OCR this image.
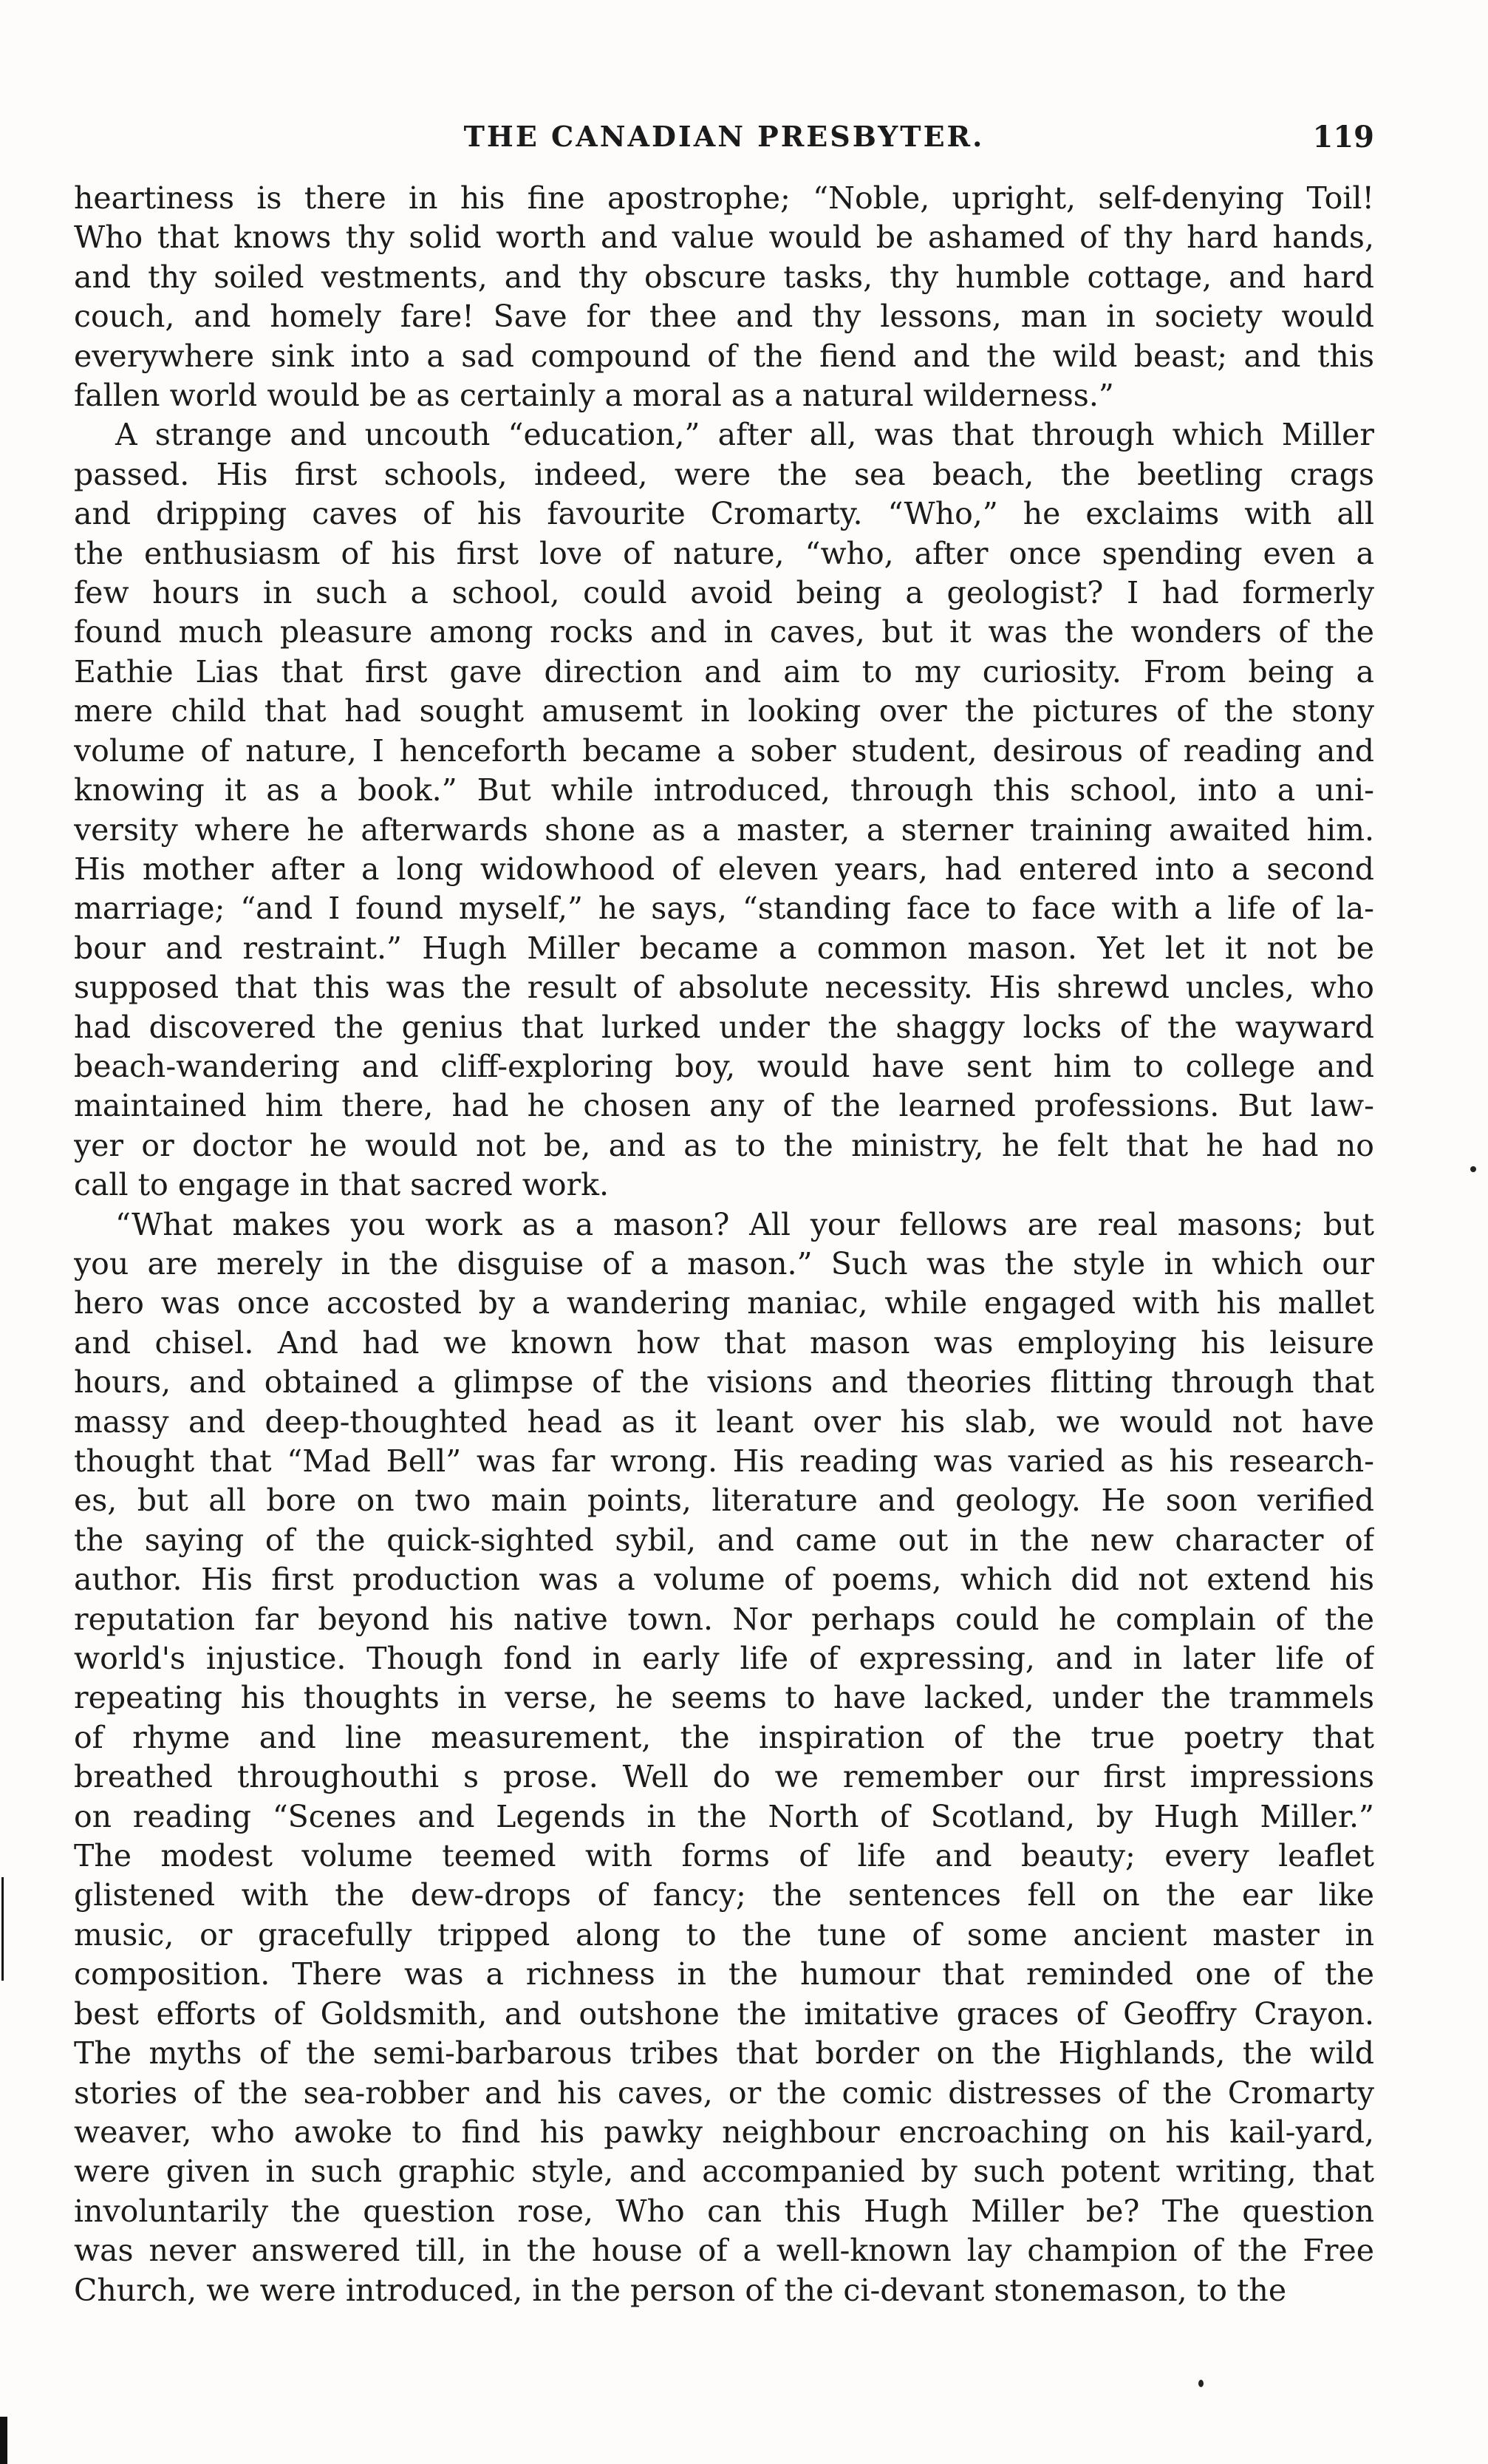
THE CANADIAN PRESBYTER.	119
heartiness is there in his fine apostrophe; “Noble, upright, self-denying Toil!
Who that knows thy solid worth and value would be ashamed of thy hard hands,
and thy soiled vestments, and thy obscure tasks, thy humble cottage, and hard
couch, and homely fare! Save for thee and thy lessons, man in society would
everywhere sink into a sad compound of the fiend and the wild beast; and this
fallen world would be as certainly a moral as a natural wilderness.”
A strange and uncouth “education,” after all, was that through which Miller
passed. His first schools, indeed, were the sea beach, the beetling crags
and dripping caves of his favourite Cromarty. “Who,” he exclaims with all
the enthusiasm of his first love of nature, “who, after once spending even a
few hours in such a school, could avoid being a geologist? I had formerly
found much pleasure among rocks and in caves, but it was the wonders of the
Eathie Lias that first gave direction and aim to my curiosity. From being a
mere child that had sought amusemt in looking over the pictures of the stony
volume of nature, I henceforth became a sober student, desirous of reading and
knowing it as a book.” But while introduced, through this school, into a uni-
versity where he afterwards shone as a master, a sterner training awaited him.
His mother after a long widowhood of eleven years, had entered into a second
marriage; “and I found myself,” he says, “standing face to face with a life of la-
bour and restraint.” Hugh Miller became a common mason. Yet let it not be
supposed that this was the result of absolute necessity. His shrewd uncles, who
had discovered the genius that lurked under the shaggy locks of the wayward
beach-wandering and cliff-exploring boy, would have sent him to college and
maintained him there, had he chosen any of the learned professions. But law-
yer or doctor he would not be, and as to the ministry, he felt that he had no
call to engage in that sacred work.
“What makes you work as a mason? All your fellows are real masons; but
you are merely in the disguise of a mason.” Such was the style in which our
hero was once accosted by a wandering maniac, while engaged with his mallet
and chisel. And had we known how that mason was employing his leisure
hours, and obtained a glimpse of the visions and theories flitting through that
massy and deep-thoughted head as it leant over his slab, we would not have
thought that “Mad Bell” was far wrong. His reading was varied as his research-
es, but all bore on two main points, literature and geology. He soon verified
the saying of the quick-sighted sybil, and came out in the new character of
author. His first production was a volume of poems, which did not extend his
reputation far beyond his native town. Nor perhaps could he complain of the
world's injustice. Though fond in early life of expressing, and in later life of
repeating his thoughts in verse, he seems to have lacked, under the trammels
of rhyme and line measurement, the inspiration of the true poetry that
breathed throughouthi s prose. Well do we remember our first impressions
on reading “Scenes and Legends in the North of Scotland, by Hugh Miller.”
The modest volume teemed with forms of life and beauty; every leaflet
glistened with the dew-drops of fancy; the sentences fell on the ear like
music, or gracefully tripped along to the tune of some ancient master in
composition. There was a richness in the humour that reminded one of the
best efforts of Goldsmith, and outshone the imitative graces of Geoffry Crayon.
The myths of the semi-barbarous tribes that border on the Highlands, the wild
stories of the sea-robber and his caves, or the comic distresses of the Cromarty
weaver, who awoke to find his pawky neighbour encroaching on his kail-yard,
were given in such graphic style, and accompanied by such potent writing, that
involuntarily the question rose, Who can this Hugh Miller be? The question
was never answered till, in the house of a well-known lay champion of the Free
Church, we were introduced, in the person of the ci-devant stonemason, to the
